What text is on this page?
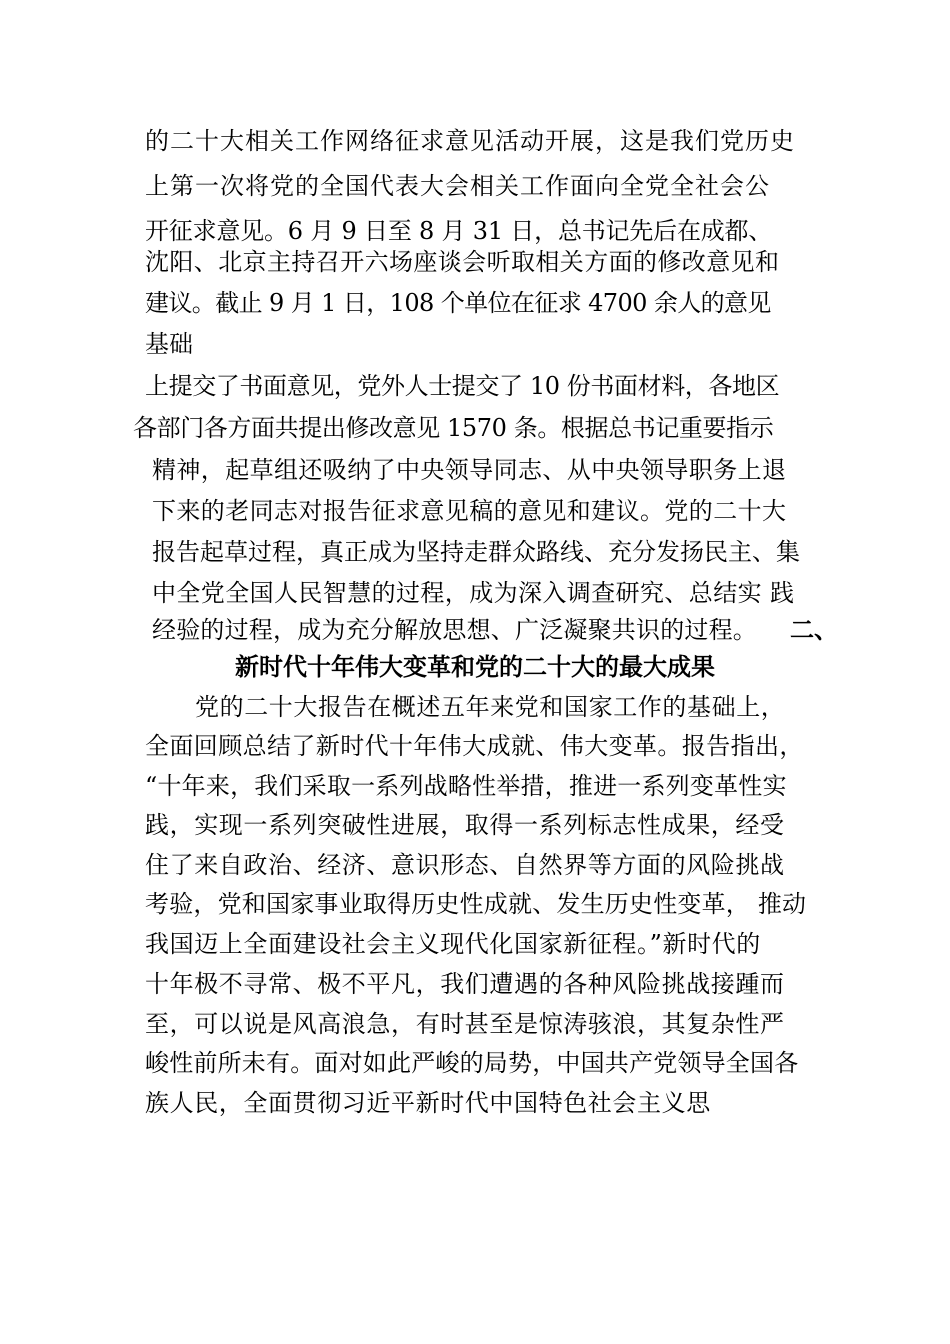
的二十大相关工作网络征求意见活动开展，这是我们党历史
上第一次将党的全国代表大会相关工作面向全党全社会公
开征求意见。6 月 9 日至 8 月 31 日，总书记先后在成都、
沈阳、北京主持召开六场座谈会听取相关方面的修改意见和
建议。截止 9 月 1 日，108 个单位在征求 4700 余人的意见
基础
上提交了书面意见，党外人士提交了 10 份书面材料，各地区
各部门各方面共提出修改意见 1570 条。根据总书记重要指示
精神，起草组还吸纳了中央领导同志、从中央领导职务上退
下来的老同志对报告征求意见稿的意见和建议。党的二十大
报告起草过程，真正成为坚持走群众路线、充分发扬民主、集
中全党全国人民智慧的过程，成为深入调查研究、总结实 践
经验的过程，成为充分解放思想、广泛凝聚共识的过程。	二、
新时代十年伟大变革和党的二十大的最大成果
党的二十大报告在概述五年来党和国家工作的基础上，
全面回顾总结了新时代十年伟大成就、伟大变革。报告指出，
“十年来，我们采取一系列战略性举措，推进一系列变革性实
践，实现一系列突破性进展，取得一系列标志性成果，经受
住了来自政治、经济、意识形态、自然界等方面的风险挑战
考验，党和国家事业取得历史性成就、发生历史性变革， 推动
我国迈上全面建设社会主义现代化国家新征程。”新时代的
十年极不寻常、极不平凡，我们遭遇的各种风险挑战接踵而
至，可以说是风高浪急，有时甚至是惊涛骇浪，其复杂性严
峻性前所未有。面对如此严峻的局势，中国共产党领导全国各
族人民，全面贯彻习近平新时代中国特色社会主义思
